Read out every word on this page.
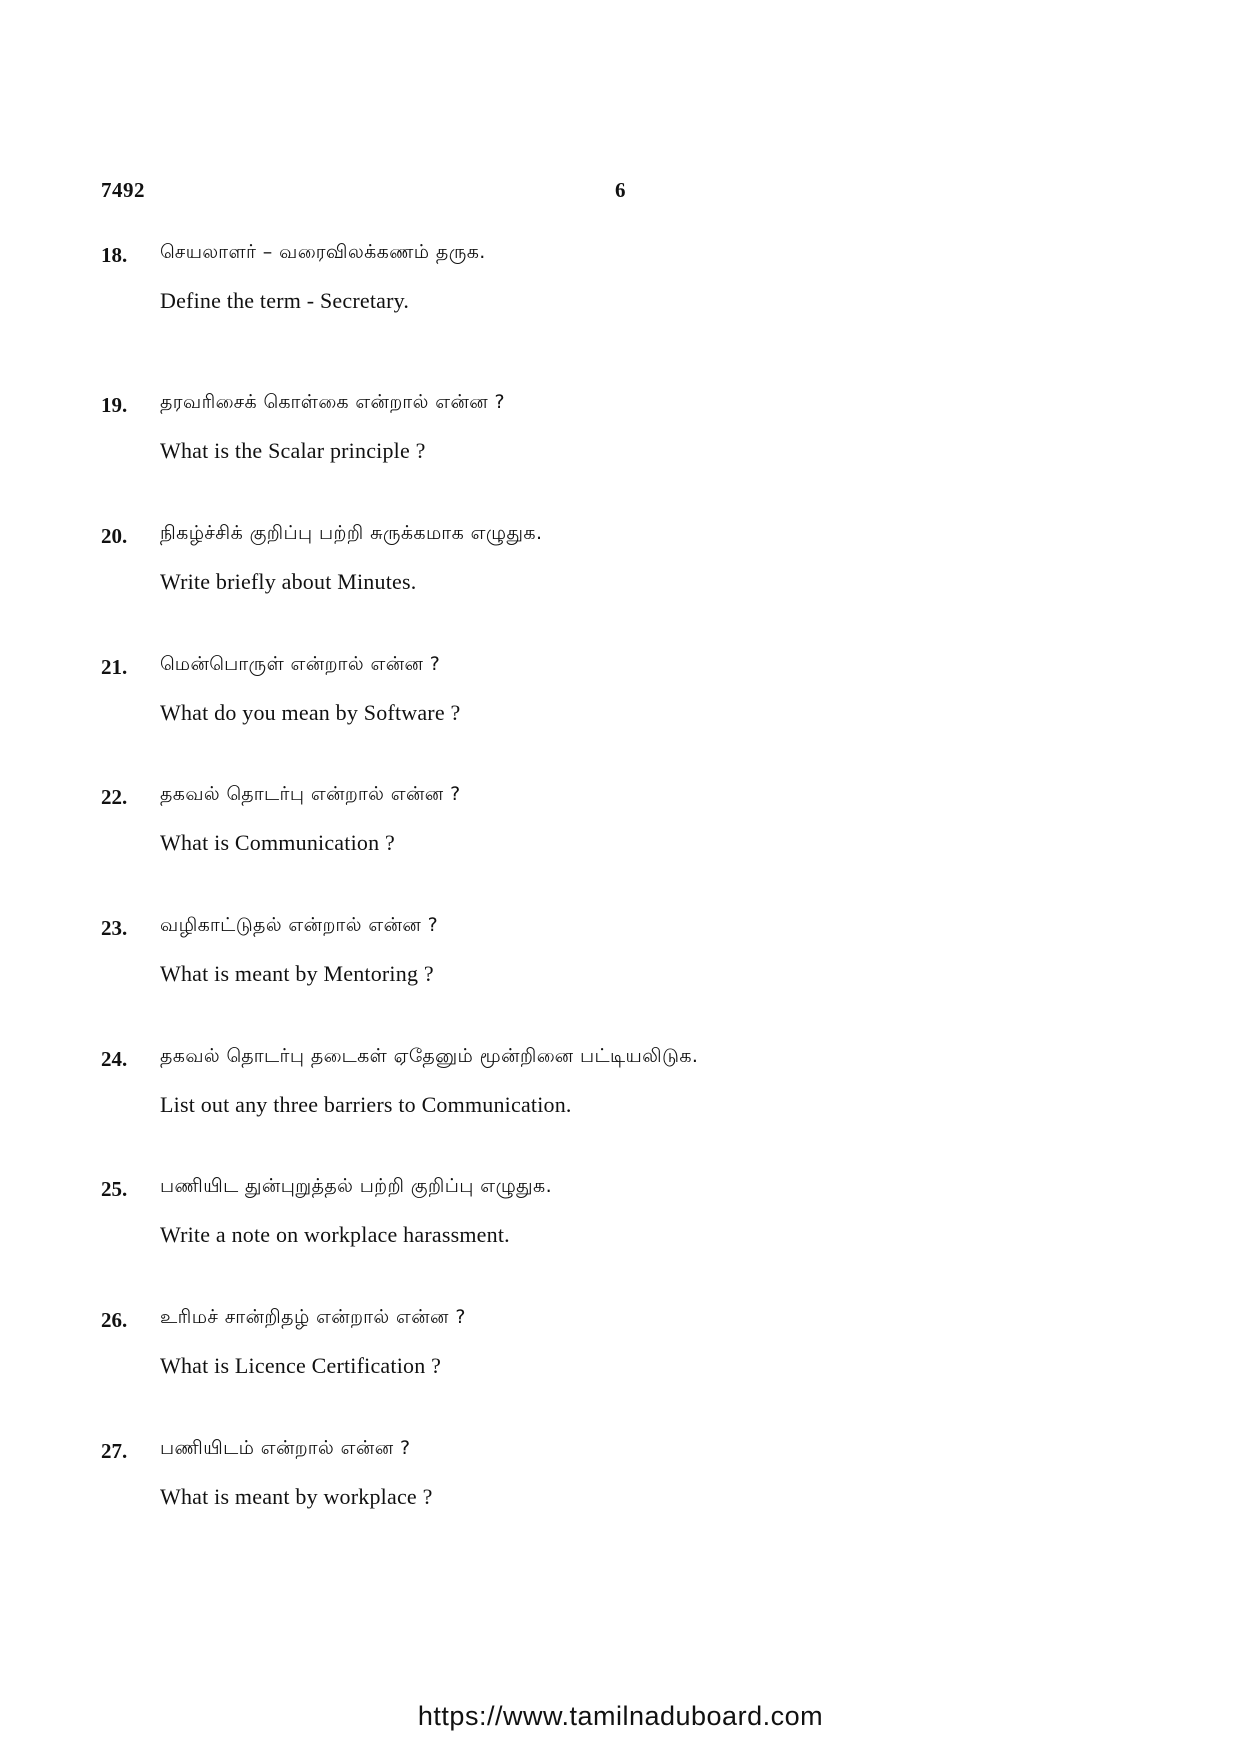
7492	6
18. செயலாளர் – வரைவிலக்கணம் தருக.
Define the term - Secretary.
19. தரவரிசைக் கொள்கை என்றால் என்ன ?
What is the Scalar principle ?
20. நிகழ்ச்சிக் குறிப்பு பற்றி சுருக்கமாக எழுதுக.
Write briefly about Minutes.
21. மென்பொருள் என்றால் என்ன ?
What do you mean by Software ?
22. தகவல் தொடர்பு என்றால் என்ன ?
What is Communication ?
23. வழிகாட்டுதல் என்றால் என்ன ?
What is meant by Mentoring ?
24. தகவல் தொடர்பு தடைகள் ஏதேனும் மூன்றினை பட்டியலிடுக.
List out any three barriers to Communication.
25. பணியிட துன்புறுத்தல் பற்றி குறிப்பு எழுதுக.
Write a note on workplace harassment.
26. உரிமச் சான்றிதழ் என்றால் என்ன ?
What is Licence Certification ?
27. பணியிடம் என்றால் என்ன ?
What is meant by workplace ?
https://www.tamilnaduboard.com
